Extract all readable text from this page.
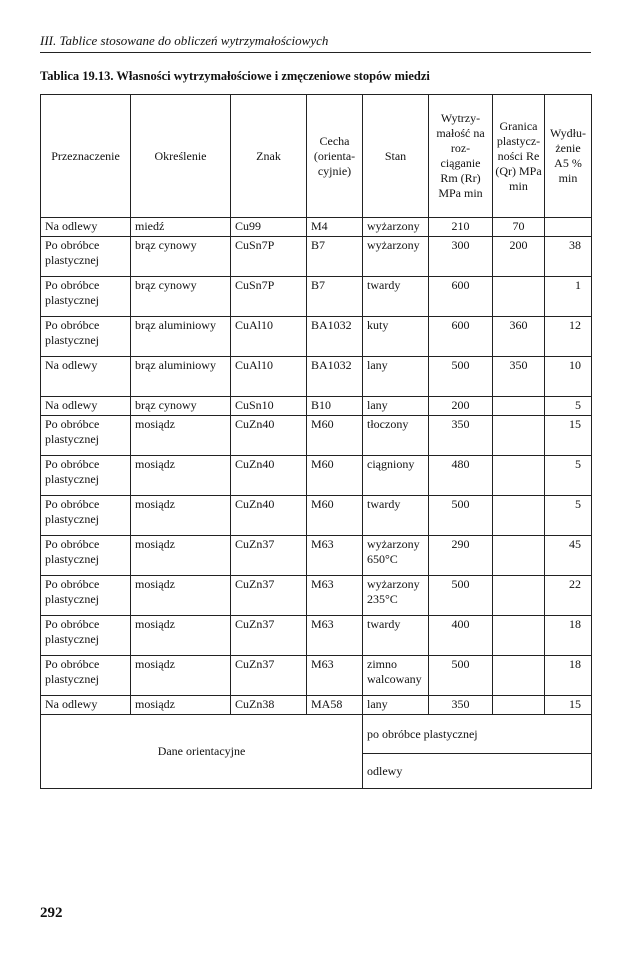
III. Tablice stosowane do obliczeń wytrzymałościowych
Tablica 19.13. Własności wytrzymałościowe i zmęczeniowe stopów miedzi
Przeznaczenie	Określenie	Znak	Cecha (orienta-cyjnie)	Stan	Wytrzy-małość na roz-ciąganie Rm (Rr) MPa min	Granica plastycz-ności Re (Qr) MPa min	Wydłu-żenie A5 % min
Na odlewy	miedź	Cu99	M4	wyżarzony	210	70	
Po obróbce plastycznej	brąz cynowy	CuSn7P	B7	wyżarzony	300	200	38
Po obróbce plastycznej	brąz cynowy	CuSn7P	B7	twardy	600		1
Po obróbce plastycznej	brąz aluminiowy	CuAl10	BA1032	kuty	600	360	12
Na odlewy	brąz aluminiowy	CuAl10	BA1032	lany	500	350	10
Na odlewy	brąz cynowy	CuSn10	B10	lany	200		5
Po obróbce plastycznej	mosiądz	CuZn40	M60	tłoczony	350		15
Po obróbce plastycznej	mosiądz	CuZn40	M60	ciągniony	480		5
Po obróbce plastycznej	mosiądz	CuZn40	M60	twardy	500		5
Po obróbce plastycznej	mosiądz	CuZn37	M63	wyżarzony 650°C	290		45
Po obróbce plastycznej	mosiądz	CuZn37	M63	wyżarzony 235°C	500		22
Po obróbce plastycznej	mosiądz	CuZn37	M63	twardy	400		18
Po obróbce plastycznej	mosiądz	CuZn37	M63	zimno walcowany	500		18
Na odlewy	mosiądz	CuZn38	MA58	lany	350		15
Dane orientacyjne				po obróbce plastycznej			
				odlewy			
292
